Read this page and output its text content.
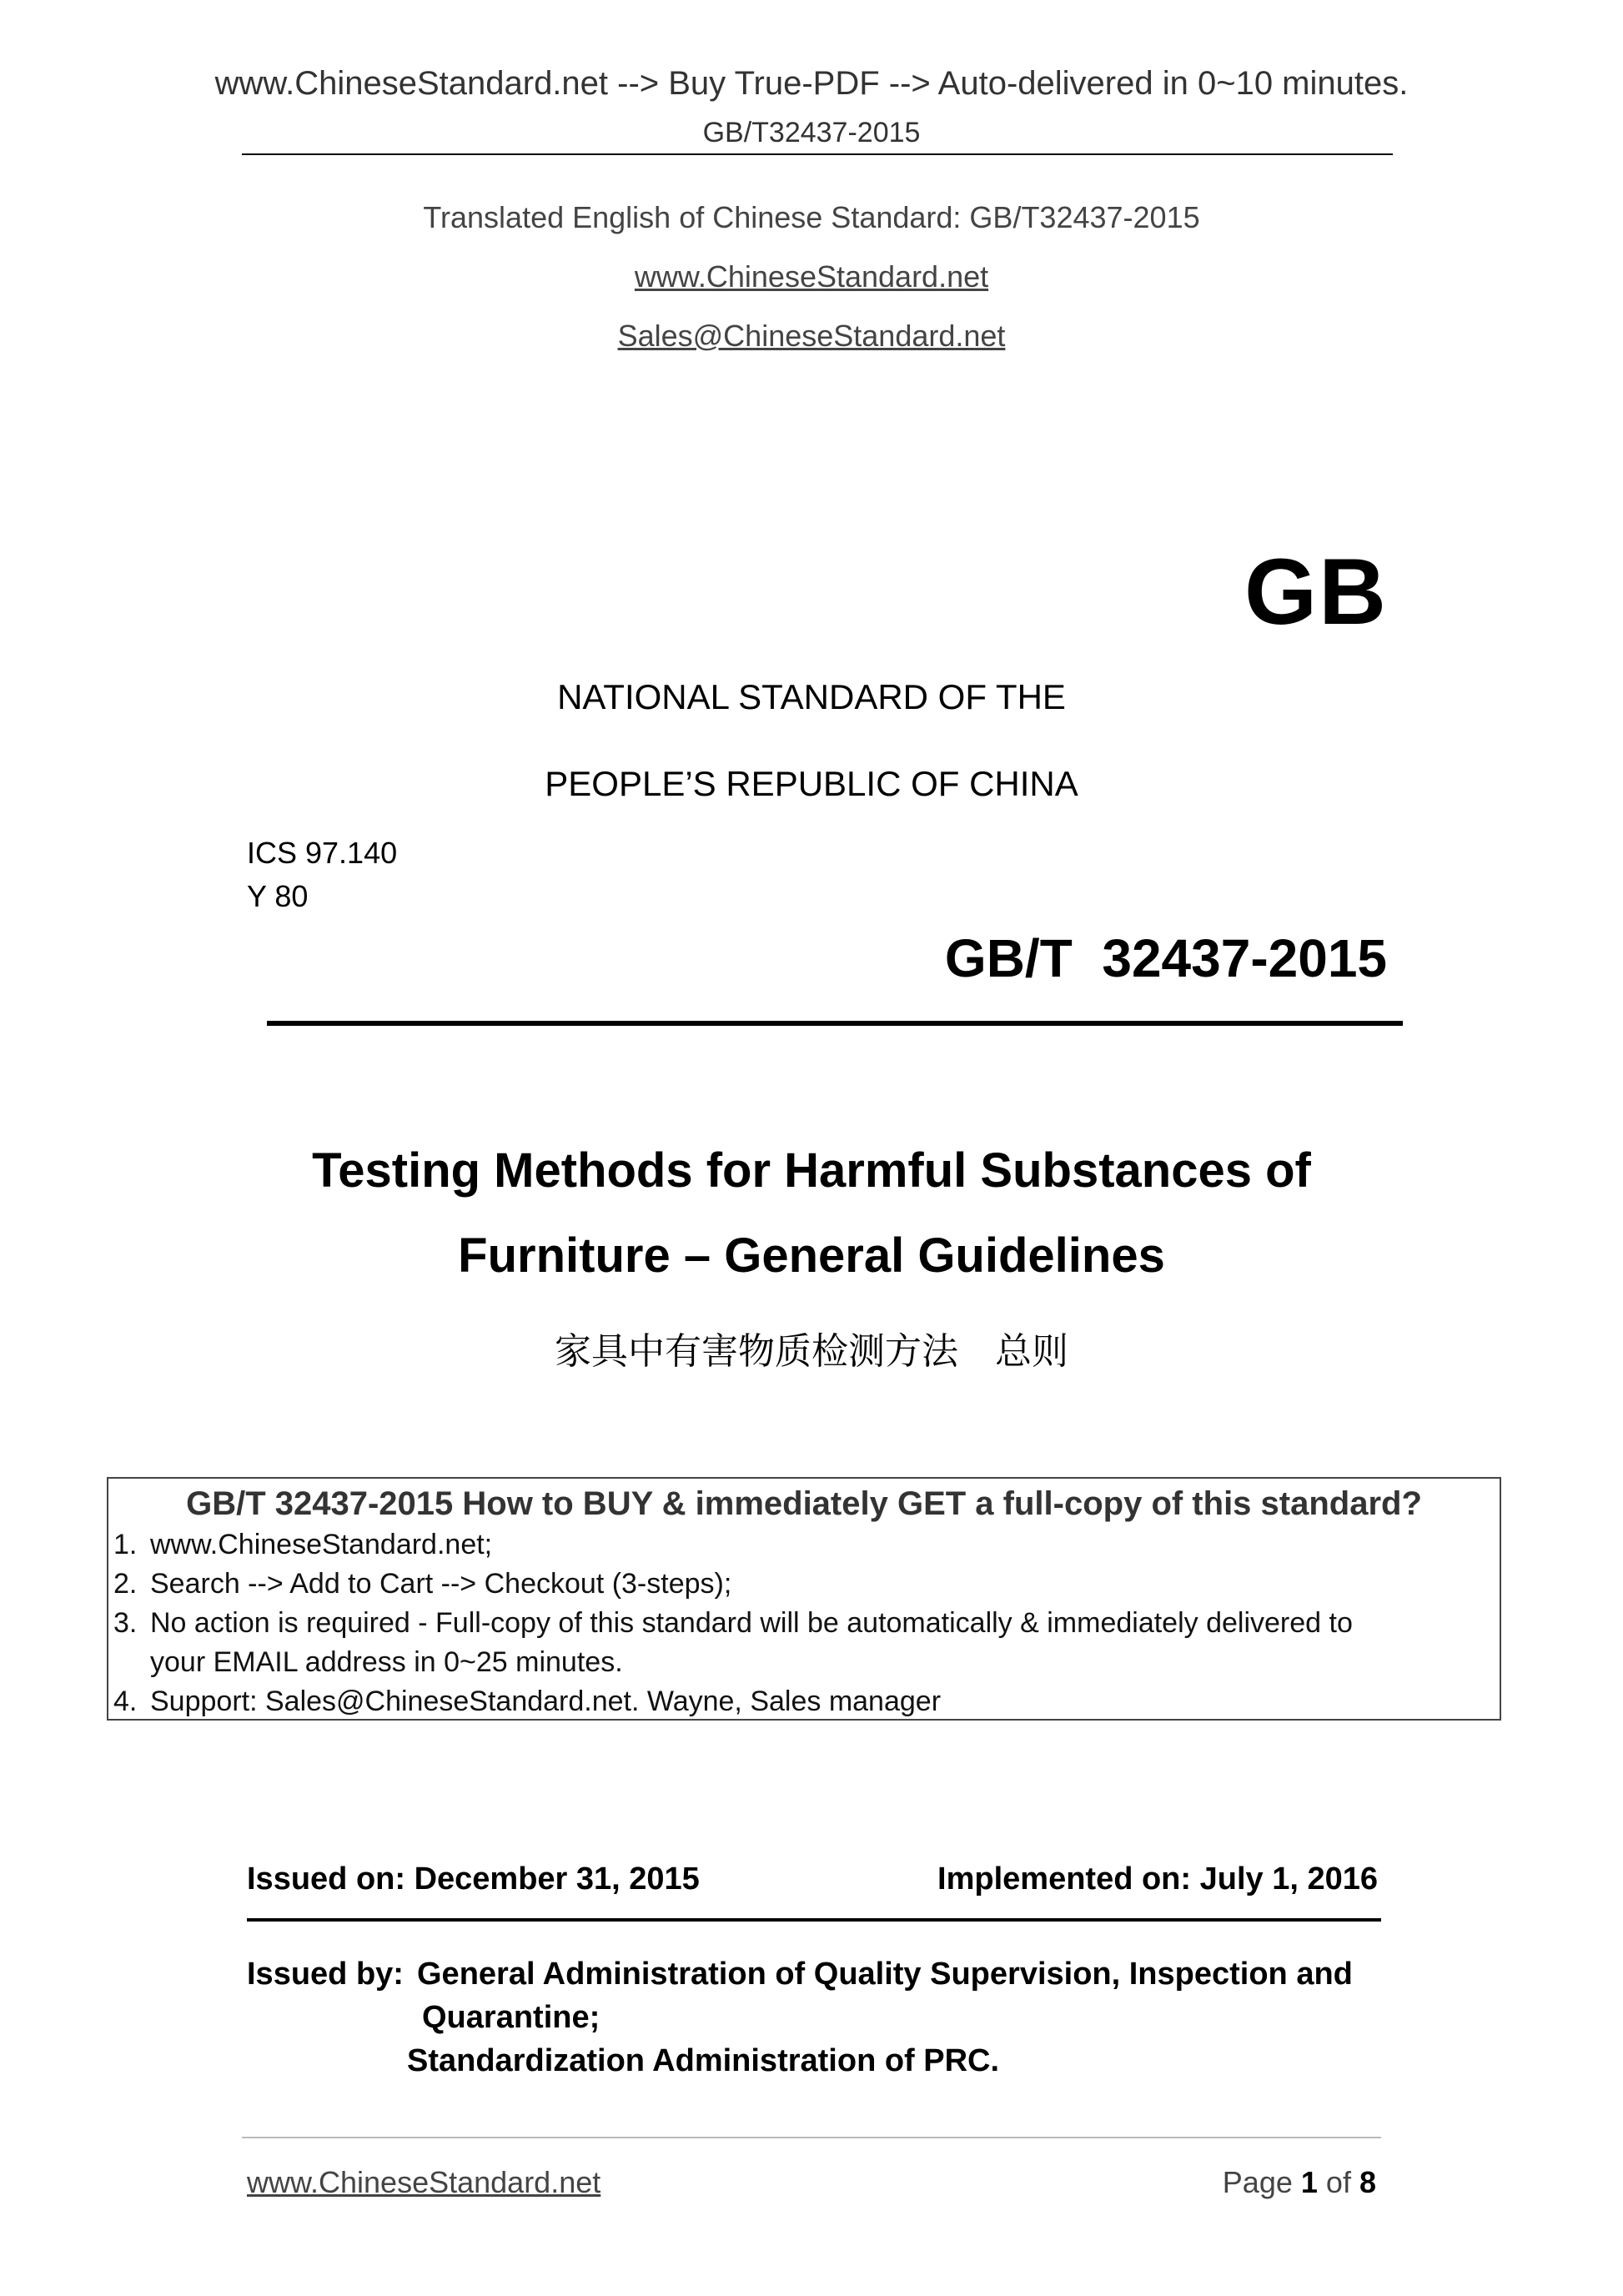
www.ChineseStandard.net --> Buy True-PDF --> Auto-delivered in 0~10 minutes.
GB/T32437-2015
Translated English of Chinese Standard: GB/T32437-2015
www.ChineseStandard.net
Sales@ChineseStandard.net
GB
NATIONAL STANDARD OF THE
PEOPLE’S REPUBLIC OF CHINA
ICS 97.140
Y 80
GB/T  32437-2015
Testing Methods for Harmful Substances of
Furniture – General Guidelines
家具中有害物质检测方法 总则
GB/T 32437-2015 How to BUY & immediately GET a full-copy of this standard?
1. www.ChineseStandard.net;
2. Search --> Add to Cart --> Checkout (3-steps);
3. No action is required - Full-copy of this standard will be automatically & immediately delivered to
your EMAIL address in 0~25 minutes.
4. Support: Sales@ChineseStandard.net. Wayne, Sales manager
Issued on: December 31, 2015	Implemented on: July 1, 2016
Issued by: General Administration of Quality Supervision, Inspection and
Quarantine;
Standardization Administration of PRC.
www.ChineseStandard.net	Page 1 of 8
